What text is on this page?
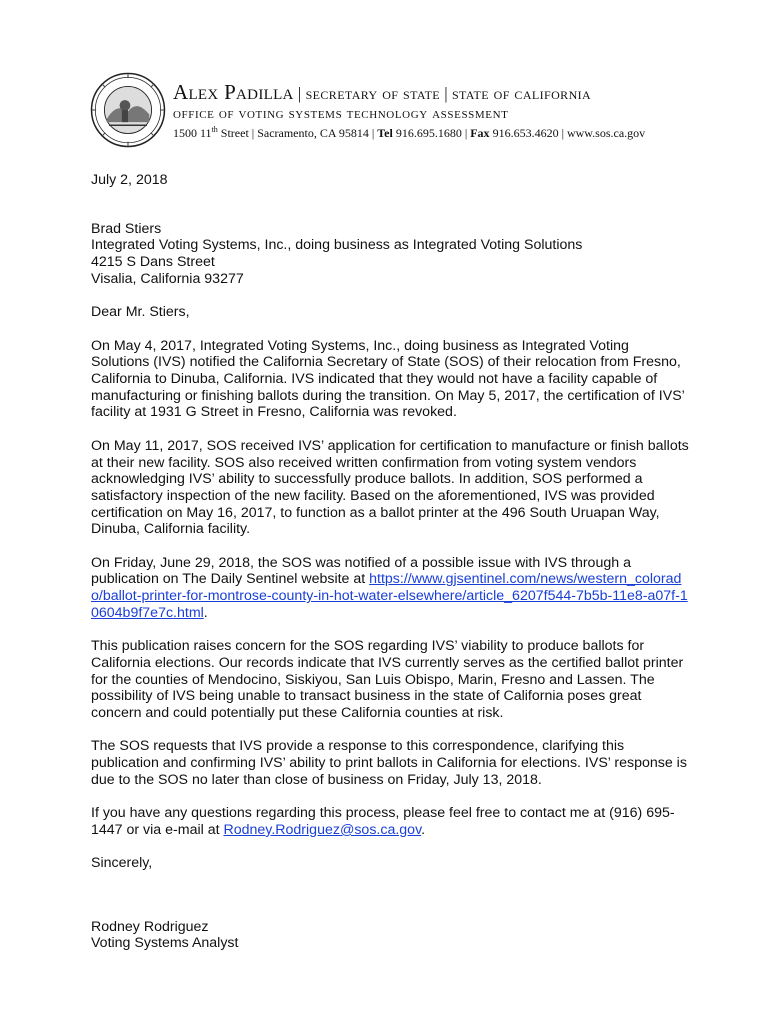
Alex Padilla | secretary of state | state of california
office of voting systems technology assessment
1500 11th Street | Sacramento, CA 95814 | Tel 916.695.1680 | Fax 916.653.4620 | www.sos.ca.gov

July 2, 2018

Brad Stiers
Integrated Voting Systems, Inc., doing business as Integrated Voting Solutions
4215 S Dans Street
Visalia, California 93277

Dear Mr. Stiers,

On May 4, 2017, Integrated Voting Systems, Inc., doing business as Integrated Voting Solutions (IVS) notified the California Secretary of State (SOS) of their relocation from Fresno, California to Dinuba, California. IVS indicated that they would not have a facility capable of manufacturing or finishing ballots during the transition. On May 5, 2017, the certification of IVS’ facility at 1931 G Street in Fresno, California was revoked.

On May 11, 2017, SOS received IVS’ application for certification to manufacture or finish ballots at their new facility. SOS also received written confirmation from voting system vendors acknowledging IVS’ ability to successfully produce ballots. In addition, SOS performed a satisfactory inspection of the new facility. Based on the aforementioned, IVS was provided certification on May 16, 2017, to function as a ballot printer at the 496 South Uruapan Way, Dinuba, California facility.

On Friday, June 29, 2018, the SOS was notified of a possible issue with IVS through a publication on The Daily Sentinel website at https://www.gjsentinel.com/news/western_colorado/ballot-printer-for-montrose-county-in-hot-water-elsewhere/article_6207f544-7b5b-11e8-a07f-10604b9f7e7c.html.

This publication raises concern for the SOS regarding IVS’ viability to produce ballots for California elections. Our records indicate that IVS currently serves as the certified ballot printer for the counties of Mendocino, Siskiyou, San Luis Obispo, Marin, Fresno and Lassen. The possibility of IVS being unable to transact business in the state of California poses great concern and could potentially put these California counties at risk.

The SOS requests that IVS provide a response to this correspondence, clarifying this publication and confirming IVS’ ability to print ballots in California for elections. IVS’ response is due to the SOS no later than close of business on Friday, July 13, 2018.

If you have any questions regarding this process, please feel free to contact me at (916) 695-1447 or via e-mail at Rodney.Rodriguez@sos.ca.gov.

Sincerely,

Rodney Rodriguez
Voting Systems Analyst
